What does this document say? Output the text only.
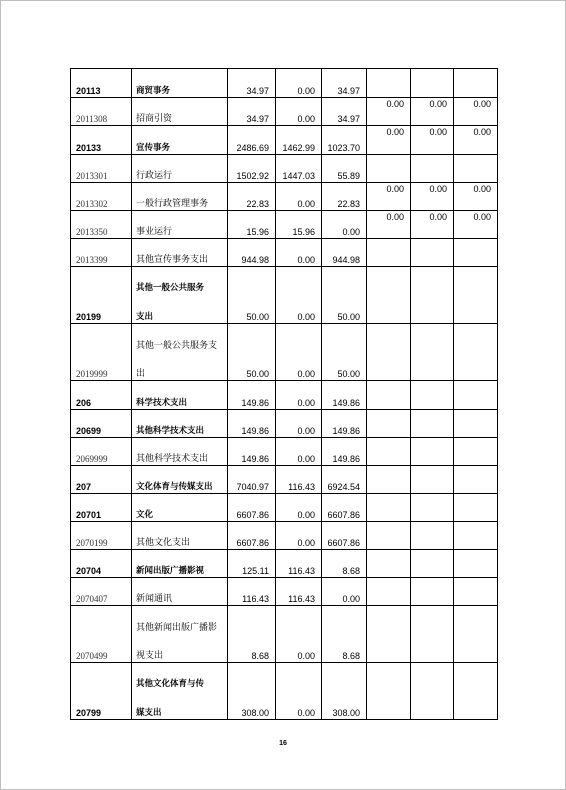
20113	商贸事务	34.97	0.00	34.97			

2011308	招商引资	34.97	0.00	34.97	0.00	0.00	0.00

20133	宣传事务	2486.69	1462.99	1023.70	0.00	0.00	0.00

2013301	行政运行	1502.92	1447.03	55.89			

2013302	一般行政管理事务	22.83	0.00	22.83	0.00	0.00	0.00

2013350	事业运行	15.96	15.96	0.00	0.00	0.00	0.00

2013399	其他宣传事务支出	944.98	0.00	944.98			

20199	其他一般公共服务
支出	50.00	0.00	50.00			

2019999	其他一般公共服务支
出	50.00	0.00	50.00			

206	科学技术支出	149.86	0.00	149.86			

20699	其他科学技术支出	149.86	0.00	149.86			

2069999	其他科学技术支出	149.86	0.00	149.86			

207	文化体育与传媒支出	7040.97	116.43	6924.54			

20701	文化	6607.86	0.00	6607.86			

2070199	其他文化支出	6607.86	0.00	6607.86			

20704	新闻出版广播影视	125.11	116.43	8.68			

2070407	新闻通讯	116.43	116.43	0.00			

2070499	其他新闻出版广播影
视支出	8.68	0.00	8.68			

20799	其他文化体育与传
媒支出	308.00	0.00	308.00			

16
